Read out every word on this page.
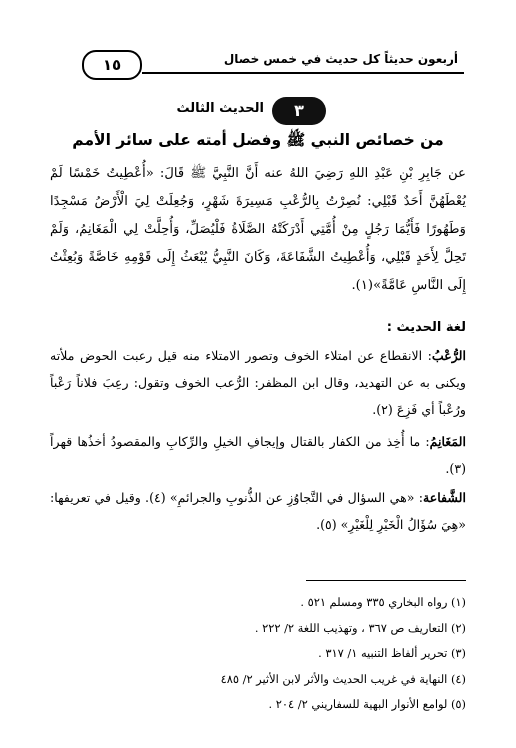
أربعون حديثاً كل حديث في خمس خصال
١٥
٣
الحديث الثالث
من خصائص النبي ﷺ وفضل أمته على سائر الأمم
عن جَابِرِ بْنِ عَبْدِ اللهِ رَضِيَ اللهُ عنه أَنَّ النَّبِيَّ ﷺ قَالَ: «أُعْطِيتُ خَمْسًا لَمْ يُعْطَهُنَّ أَحَدٌ قَبْلِي: نُصِرْتُ بِالرُّعْبِ مَسِيرَةَ شَهْرٍ، وَجُعِلَتْ لِيَ الْأَرْضُ مَسْجِدًا وَطَهُورًا فَأَيُّمَا رَجُلٍ مِنْ أُمَّتِي أَدْرَكَتْهُ الصَّلَاةُ فَلْيُصَلِّ، وَأُحِلَّتْ لِي الْمَغَانِمُ، وَلَمْ تَحِلَّ لِأَحَدٍ قَبْلِي، وَأُعْطِيتُ الشَّفَاعَةَ، وَكَانَ النَّبِيُّ يُبْعَثُ إِلَى قَوْمِهِ خَاصَّةً وَبُعِثْتُ إِلَى النَّاسِ عَامَّةً»(١).
لغة الحديث :
الرُّعْبُ: الانقطاع عن امتلاء الخوف وتصور الامتلاء منه قيل رعبت الحوض ملأته ويكنى به عن التهديد، وقال ابن المظفر: الرُّعب الخوف وتقول: رعِبَ فلاناً رَعْباً ورُعْباً أي فَزِعَ (٢).
المَغَانِمُ: ما أُخِذ من الكفار بالقتال وإيجافِ الخيلِ والرِّكابِ والمقصودُ أخذُها قهراً (٣).
الشَّفاعة: «هي السؤال في التَّجاوُزِ عن الذُّنوبِ والجرائمِ» (٤). وقيل في تعريفها: «هِيَ سُؤَالُ الْخَيْرِ لِلْغَيْرِ» (٥).
(١) رواه البخاري ٣٣٥ ومسلم ٥٢١ .
(٢) التعاريف ص ٣٦٧ ، وتهذيب اللغة ٢/ ٢٢٢ .
(٣) تحرير ألفاظ التنبيه ١/ ٣١٧ .
(٤) النهاية في غريب الحديث والأثر لابن الأثير ٢/ ٤٨٥
(٥) لوامع الأنوار البهية للسفاريني ٢/ ٢٠٤ .
